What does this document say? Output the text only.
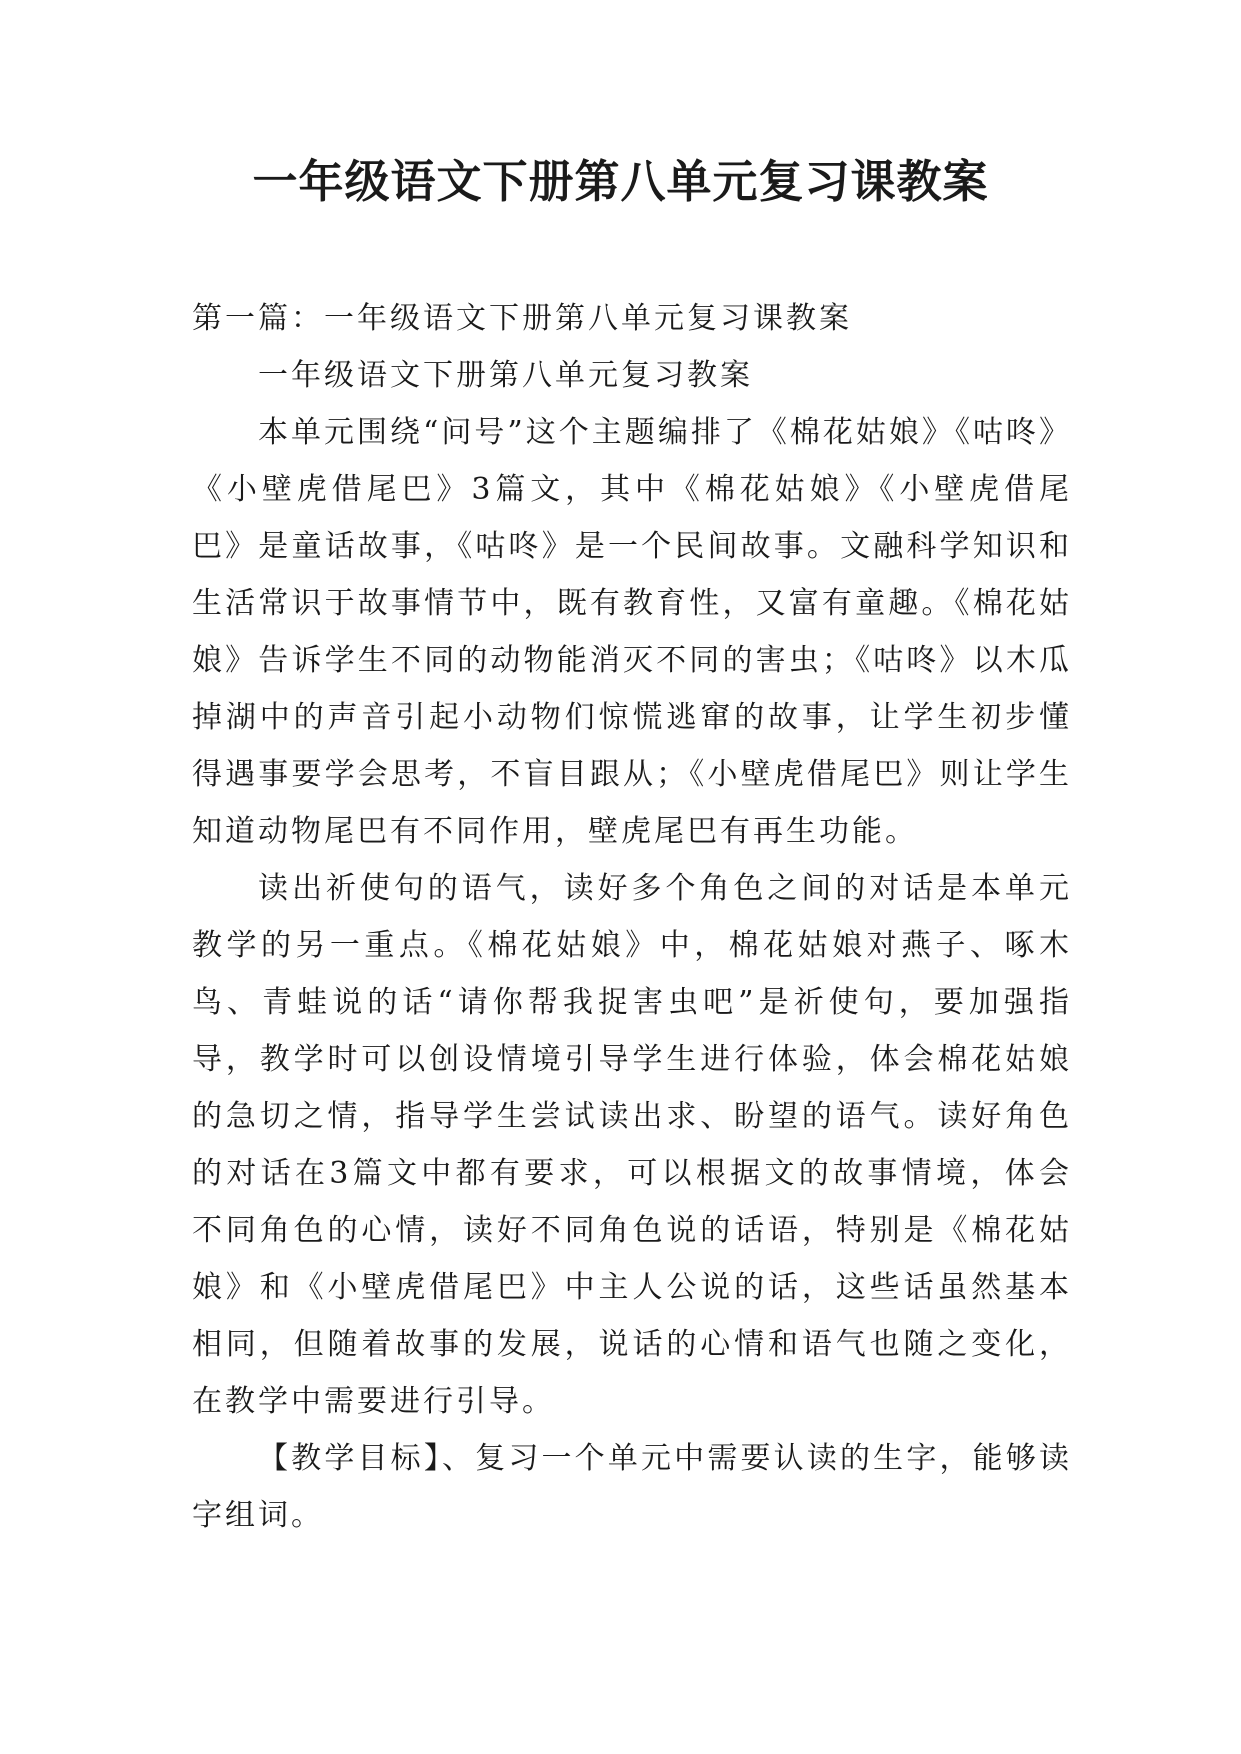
一年级语文下册第八单元复习课教案

第一篇：一年级语文下册第八单元复习课教案

一年级语文下册第八单元复习教案

本单元围绕“问号”这个主题编排了《棉花姑娘》《咕咚》《小壁虎借尾巴》3篇文，其中《棉花姑娘》《小壁虎借尾巴》是童话故事，《咕咚》是一个民间故事。文融科学知识和生活常识于故事情节中，既有教育性，又富有童趣。《棉花姑娘》告诉学生不同的动物能消灭不同的害虫；《咕咚》以木瓜掉湖中的声音引起小动物们惊慌逃窜的故事，让学生初步懂得遇事要学会思考，不盲目跟从；《小壁虎借尾巴》则让学生知道动物尾巴有不同作用，壁虎尾巴有再生功能。

读出祈使句的语气，读好多个角色之间的对话是本单元教学的另一重点。《棉花姑娘》中，棉花姑娘对燕子、啄木鸟、青蛙说的话“请你帮我捉害虫吧”是祈使句，要加强指导，教学时可以创设情境引导学生进行体验，体会棉花姑娘的急切之情，指导学生尝试读出求、盼望的语气。读好角色的对话在3篇文中都有要求，可以根据文的故事情境，体会不同角色的心情，读好不同角色说的话语，特别是《棉花姑娘》和《小壁虎借尾巴》中主人公说的话，这些话虽然基本相同，但随着故事的发展，说话的心情和语气也随之变化，在教学中需要进行引导。

【教学目标】、复习一个单元中需要认读的生字，能够读字组词。
